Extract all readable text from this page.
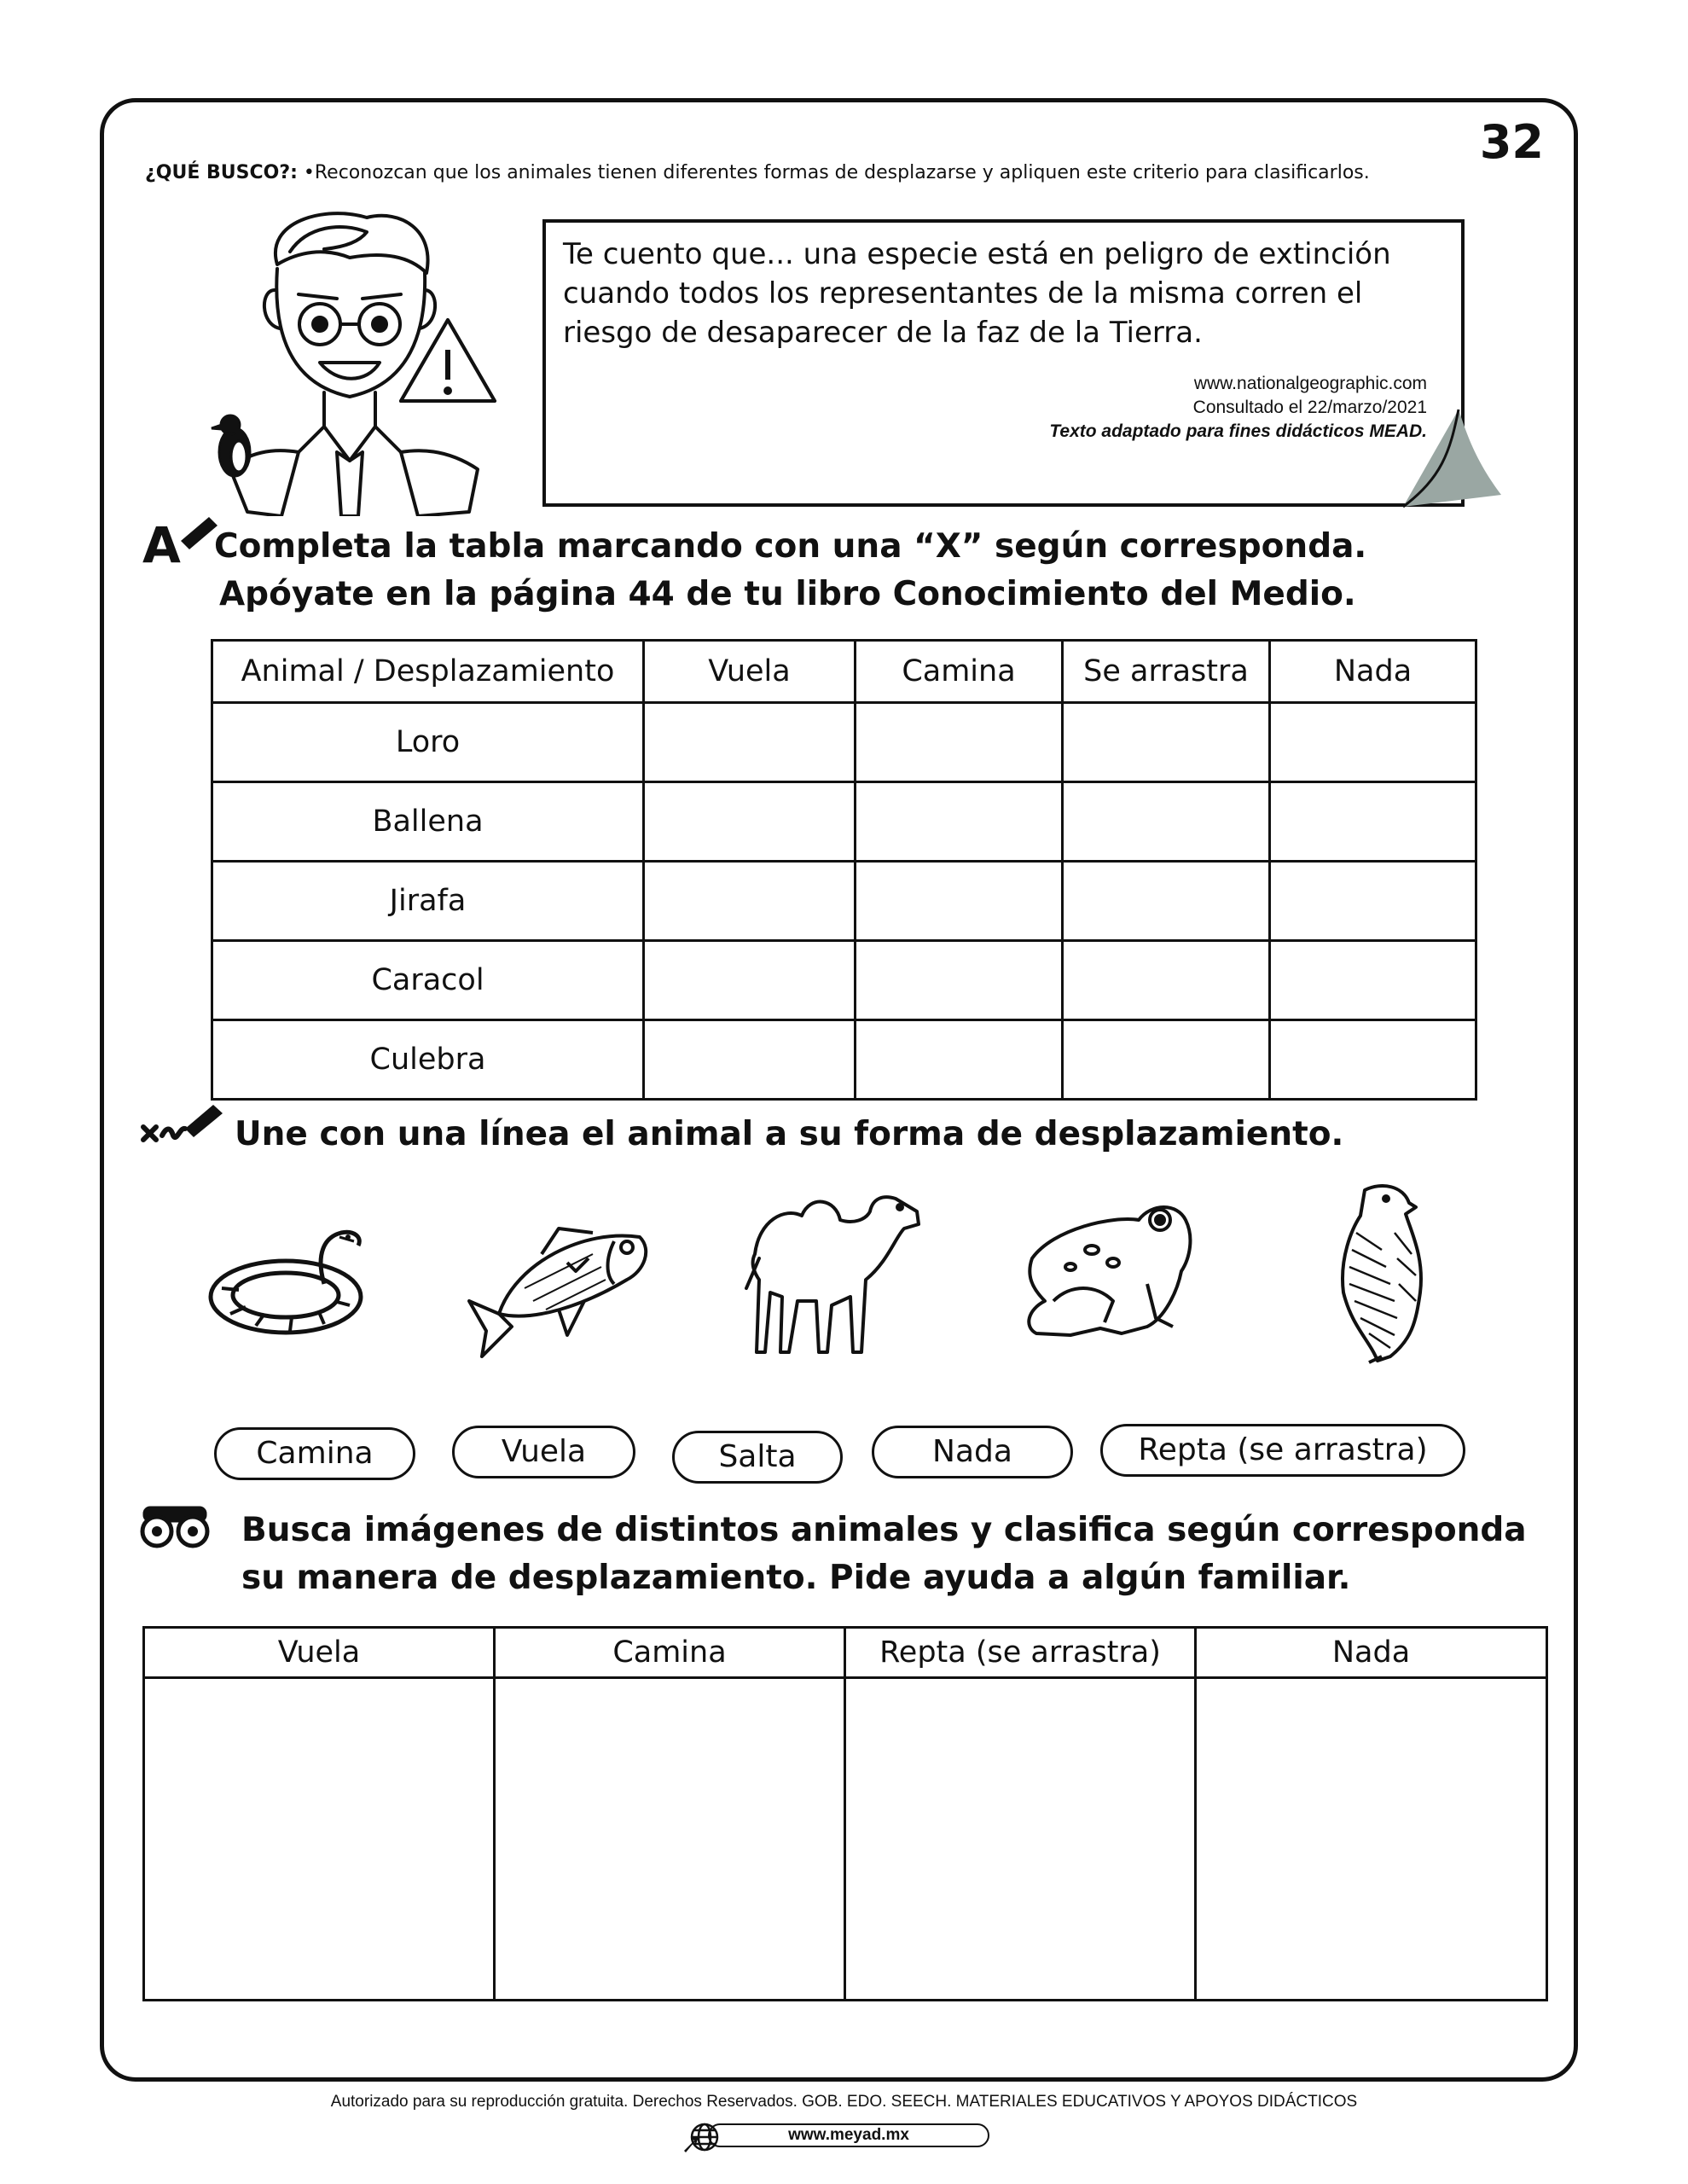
32
¿QUÉ BUSCO?: •Reconozcan que los animales tienen diferentes formas de desplazarse y apliquen este criterio para clasificarlos.
Te cuento que... una especie está en peligro de extinción cuando todos los representantes de la misma corren el riesgo de desaparecer de la faz de la Tierra.
www.nationalgeographic.com
Consultado el 22/marzo/2021
Texto adaptado para fines didácticos MEAD.
A Completa la tabla marcando con una “X” según corresponda.
Apóyate en la página 44 de tu libro Conocimiento del Medio.
Animal / Desplazamiento	Vuela	Camina	Se arrastra	Nada
Loro				
Ballena				
Jirafa				
Caracol				
Culebra				
Une con una línea el animal a su forma de desplazamiento.
Camina	Vuela	Salta	Nada	Repta (se arrastra)
Busca imágenes de distintos animales y clasifica según corresponda
su manera de desplazamiento. Pide ayuda a algún familiar.
Vuela	Camina	Repta (se arrastra)	Nada

Autorizado para su reproducción gratuita. Derechos Reservados. GOB. EDO. SEECH. MATERIALES EDUCATIVOS Y APOYOS DIDÁCTICOS
www.meyad.mx
